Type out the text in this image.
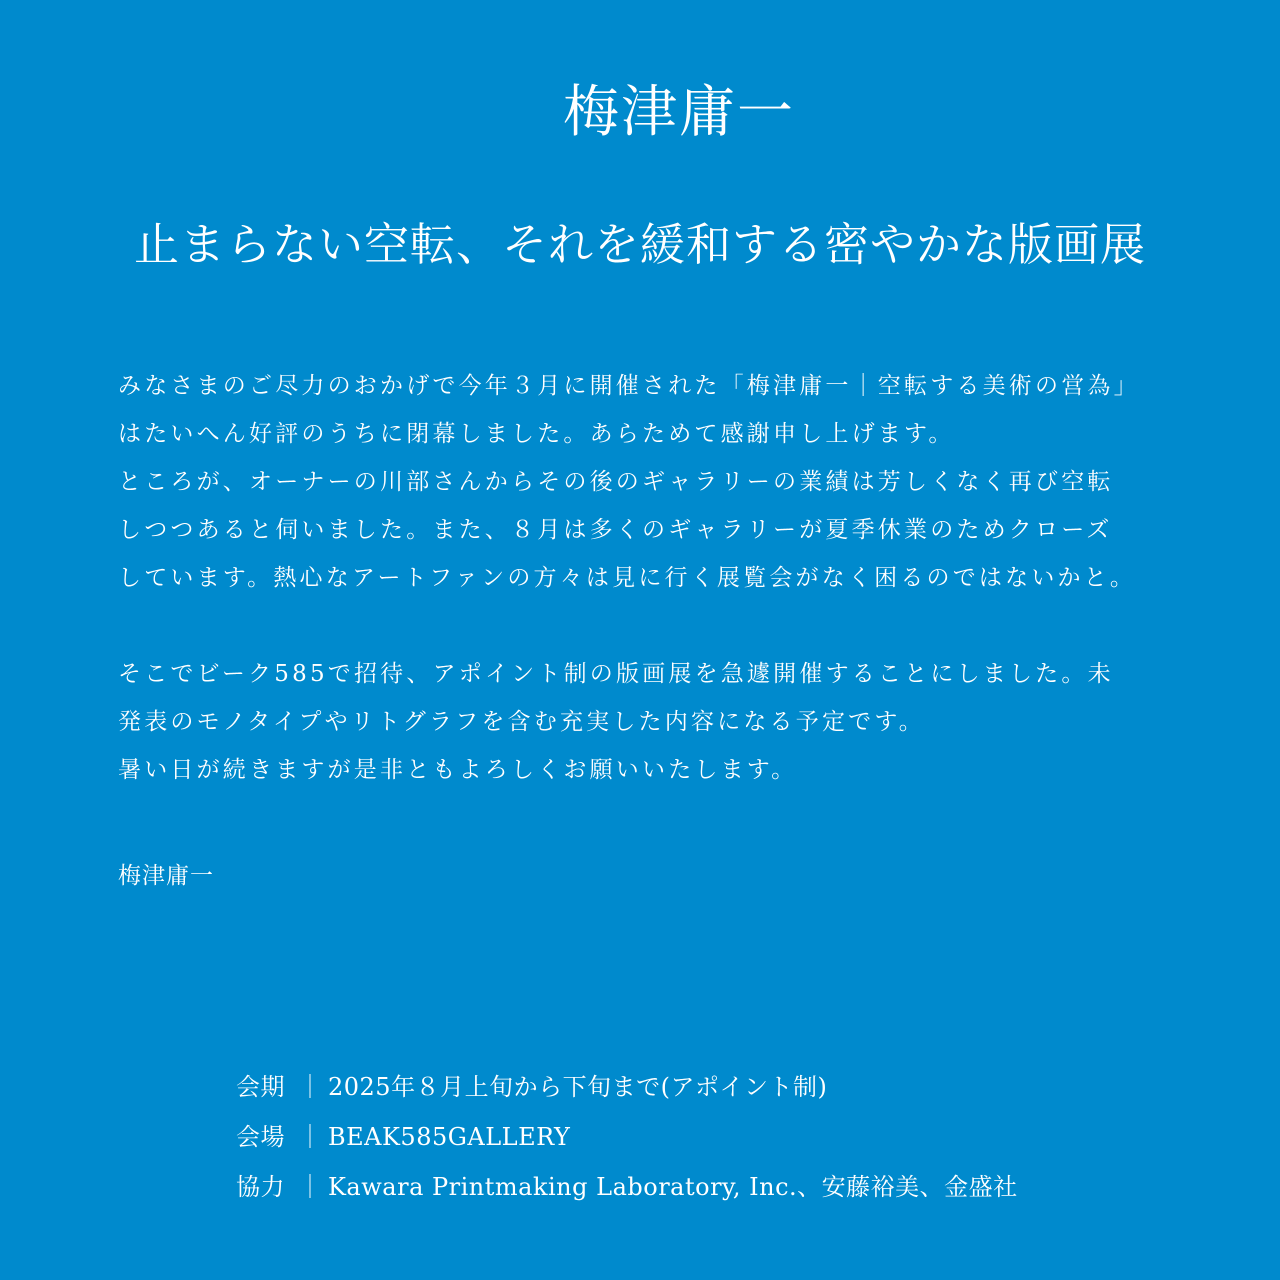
梅津庸一
止まらない空転、それを緩和する密やかな版画展
みなさまのご尽力のおかげで今年３月に開催された「梅津庸一｜空転する美術の営為」
はたいへん好評のうちに閉幕しました。あらためて感謝申し上げます。
ところが、オーナーの川部さんからその後のギャラリーの業績は芳しくなく再び空転
しつつあると伺いました。また、８月は多くのギャラリーが夏季休業のためクローズ
しています。熱心なアートファンの方々は見に行く展覧会がなく困るのではないかと。
そこでビーク585で招待、アポイント制の版画展を急遽開催することにしました。未
発表のモノタイプやリトグラフを含む充実した内容になる予定です。
暑い日が続きますが是非ともよろしくお願いいたします。
梅津庸一
会期 ｜ 2025年８月上旬から下旬まで(アポイント制)
会場 ｜ BEAK585GALLERY
協力 ｜ Kawara Printmaking Laboratory, Inc.、安藤裕美、金盛社
